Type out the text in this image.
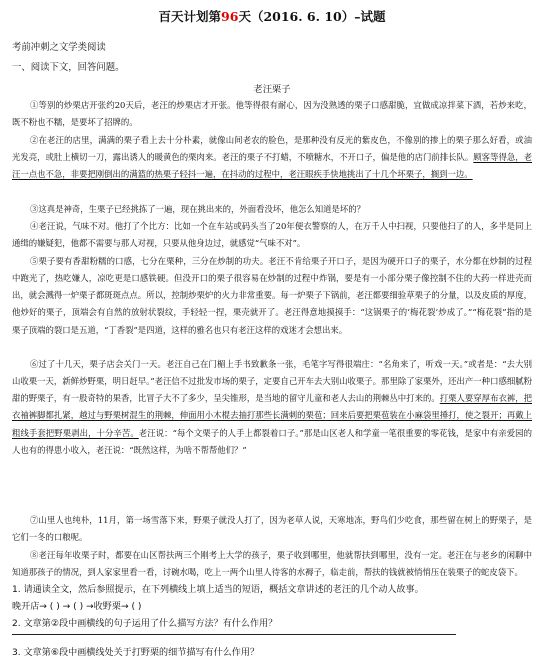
百天计划第96天（2016. 6. 10）–试题
考前冲刺之文学类阅读
一、阅读下文，回答问题。
老汪栗子

①等别的炒栗店开张约20天后，老汪的炒栗店才开张。他等得很有耐心，因为没熟透的栗子口感甜脆，宜做成凉拌菜下酒，若炒来吃，既不粉也不糯，是要坏了招牌的。

②在老汪的店里，满满的栗子看上去十分朴素，就像山间老农的脸色，是那种没有反光的紫皮色，不像别的掺上的栗子那么好看，或油光发亮，或肚上横切一刀，露出诱人的暖黄色的栗肉来。老汪的栗子不打蜡，不喷糖水，不开口子，偏是他的店门前排长队。顾客等得急，老汪一点也不急，非要把刚倒出的满篮的热栗子轻抖一遍，在抖动的过程中，老汪眼疾手快地挑出了十几个坏栗子，搁到一边。

③这真是神奇，生栗子已经挑拣了一遍，现在挑出来的，外面看没坏，他怎么知道是坏的？

④老汪说，气味不对。他打了个比方：比如一个在车站或码头当了20年便衣警察的人，在万千人中扫视，只要他扫了的人，多半是同上通缉的嫌疑犯，他都不需要与那人对视，只要从他身边过，就感觉“气味不对”。

⑤栗子要有香甜粉糯的口感，七分在栗种，三分在炒制的功夫。老汪不肯给栗子开口子，是因为硬开口子的栗子，水分都在炒制的过程中跑光了，热吃嫌人，凉吃更是口感铁硬。但没开口的栗子很容易在炒制的过程中炸锅，要是有一小部分栗子像控制不住的大药一样进壳而出，就会溅得一炉栗子都斑斑点点。所以，控制炒栗炉的火力非常重要。每一炉栗子下锅前，老汪都要细验草栗子的分量，以及皮质的厚度，他炒好的栗子，顶端会有自然的放射状裂纹，手轻轻一捏，栗壳就开了。老汪得意地摸摸手：“这锅栗子的‘梅花裂’炒成了。”“梅花裂”指的是栗子顶端的裂口是五道，“丁香裂”是四道，这样的雅名也只有老汪这样的戏迷才会想出来。

⑥过了十几天，栗子店会关门一天。老汪自己在门楣上手书致歉条一张，毛笔字写得很端庄：“名角来了，听戏一天。”或者是：“去大别山收栗一天，新鲜炒野栗，明日赶早。”老汪信不过批发市场的栗子，定要自己开车去大别山收栗子。那里除了家栗外，还出产一种口感细腻粉甜的野栗子，有一股奇特的果香，比冒子大不了多少，呈尖锥形，是当地的留守儿童和老人去山的荆棘丛中打来的。打栗人要穿厚布衣裤，把衣袖裤脚都扎紧，越过与野栗树混生的荆棘，伸面用小木棍去抽打那些长满刺的栗苞；回来后要把栗苞装在小麻袋里捶打，使之裂开；再戴上粗线手套把野栗剥出，十分辛苦。老汪说：“每个文栗子的人手上都裂着口子。”那是山区老人和学童一笔很重要的零花钱，是家中有亲爱园的人也有的得患小收入，老汪说：“既然这样，为啥不帮帮他们？”

⑦山里人也纯朴，11月，第一场雪落下来，野栗子就没人打了，因为老草人说，天寒地冻，野鸟们少吃食，那些留在树上的野栗子，是它们一冬的口粮呢。

⑧老汪每年收栗子时，都要在山区帮扶两三个刚考上大学的孩子，栗子收到哪里，他就帮扶到哪里，没有一定。老汪在与老乡的闲聊中知道那孩子的情况，到人家家里看一看，讨碗水喝，吃上一两个山里人待客的水褥子，临走前，帮扶的钱就被悄悄压在装栗子的蛇皮袋下。

1. 请通读全文，然后参照提示，在下列横线上填上适当的短语，概括文章讲述的老汪的几个动人故事。
晚开店→ ( ) → ( ) →收野栗→ ( )
2. 文章第②段中画横线的句子运用了什么描写方法？有什么作用？
3. 文章第⑥段中画横线处关于打野栗的细节描写有什么作用？
